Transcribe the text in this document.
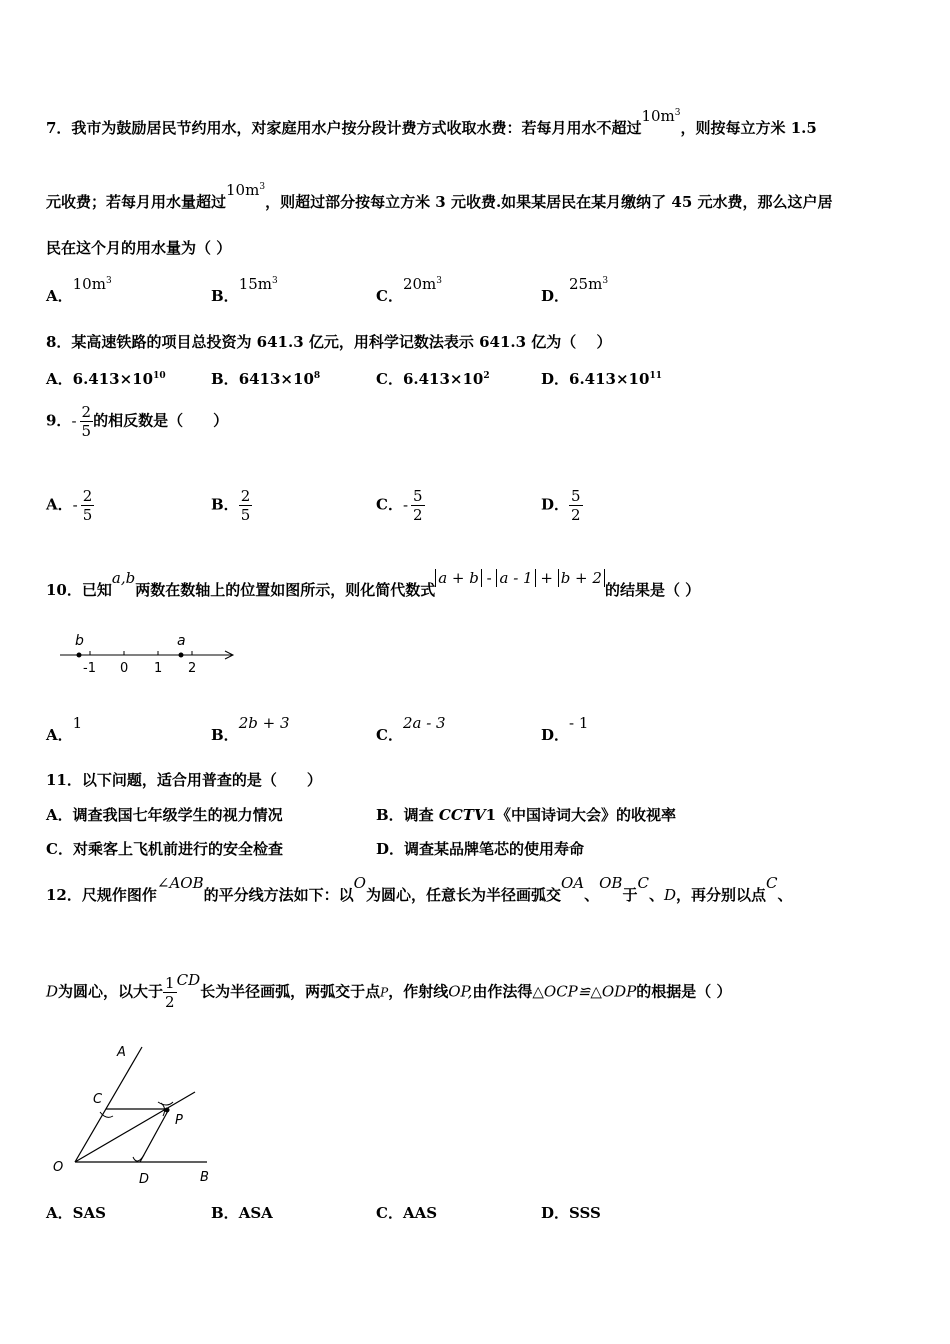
7．我市为鼓励居民节约用水，对家庭用水户按分段计费方式收取水费：若每月用水不超过$10m^3$，则按每立方米 1.5
元收费；若每月用水量超过$10m^3$，则超过部分按每立方米 3 元收费.如果某居民在某月缴纳了 45 元水费，那么这户居
民在这个月的用水量为（ ）
A．$10m^3$
B．$15m^3$
C．$20m^3$
D．$25m^3$
8．某高速铁路的项目总投资为 641.3 亿元，用科学记数法表示 641.3 亿为（　 ）
A．$6.413\times 10^{10}$	B．$6413\times 10^8$	C．$6.413\times 10^2$	D．$6.413\times 10^{11}$
9．- $\frac{2}{5}$ 的相反数是（　　）
A．- $\frac{2}{5}$	B． $\frac{2}{5}$	C．- $\frac{5}{2}$	D． $\frac{5}{2}$
10．已知a,b两数在数轴上的位置如图所示，则化简代数式a + b - a - 1 + b + 2的结果是（ ）
b	a
-1 0 1 2
A．1
B．2b + 3
C．2a - 3
D．- 1
11．以下问题，适合用普查的是（　　）
A．调查我国七年级学生的视力情况	B．调查 CCTV1《中国诗词大会》的收视率
C．对乘客上飞机前进行的安全检查	D．调查某品牌笔芯的使用寿命
12．尺规作图作∠AOB的平分线方法如下：以O为圆心，任意长为半径画弧交OA、OB于C、D，再分别以点C、
D为圆心，以大于 $\frac{1}{2}$ CD长为半径画弧，两弧交于点P，作射线OP,由作法得△OCP≌△ODP的根据是（ ）
A
C
P
O
D	B
A．SAS	B．ASA	C．AAS	D．SSS
